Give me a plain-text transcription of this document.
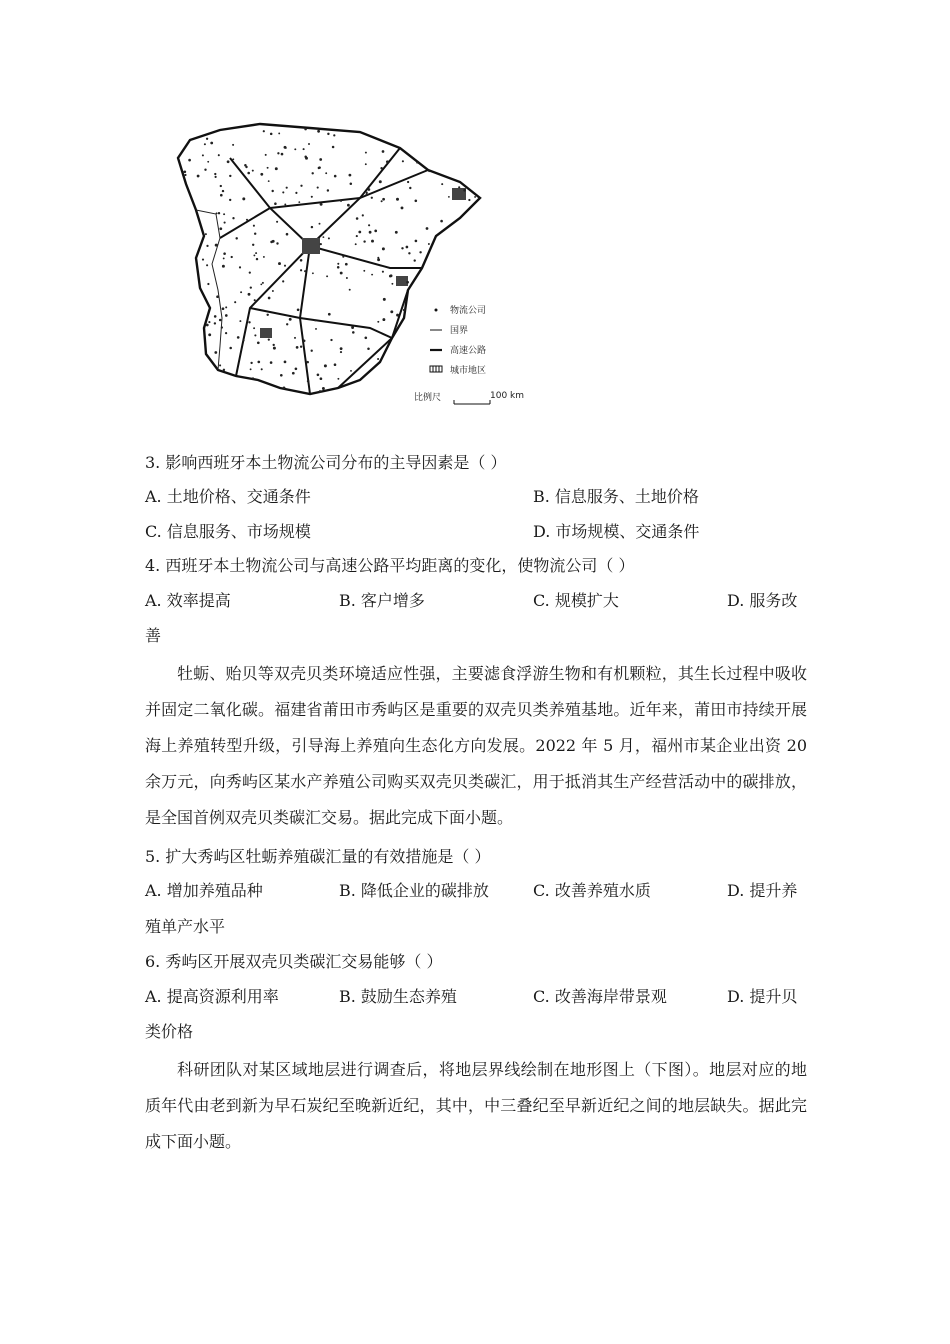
物流公司
国界
高速公路
城市地区
比例尺	100 km
3. 影响西班牙本土物流公司分布的主导因素是（ ）
A. 土地价格、交通条件	B. 信息服务、土地价格
C. 信息服务、市场规模	D. 市场规模、交通条件
4. 西班牙本土物流公司与高速公路平均距离的变化，使物流公司（ ）
A. 效率提高	B. 客户增多	C. 规模扩大	D. 服务改
善

牡蛎、贻贝等双壳贝类环境适应性强，主要滤食浮游生物和有机颗粒，其生长过程中吸收并固定二氧化碳。福建省莆田市秀屿区是重要的双壳贝类养殖基地。近年来，莆田市持续开展海上养殖转型升级，引导海上养殖向生态化方向发展。2022 年 5 月，福州市某企业出资 20 余万元，向秀屿区某水产养殖公司购买双壳贝类碳汇，用于抵消其生产经营活动中的碳排放，是全国首例双壳贝类碳汇交易。据此完成下面小题。

5. 扩大秀屿区牡蛎养殖碳汇量的有效措施是（ ）
A. 增加养殖品种	B. 降低企业的碳排放	C. 改善养殖水质	D. 提升养
殖单产水平
6. 秀屿区开展双壳贝类碳汇交易能够（ ）
A. 提高资源利用率	B. 鼓励生态养殖	C. 改善海岸带景观	D. 提升贝
类价格

科研团队对某区域地层进行调查后，将地层界线绘制在地形图上（下图）。地层对应的地质年代由老到新为早石炭纪至晚新近纪，其中，中三叠纪至早新近纪之间的地层缺失。据此完成下面小题。
